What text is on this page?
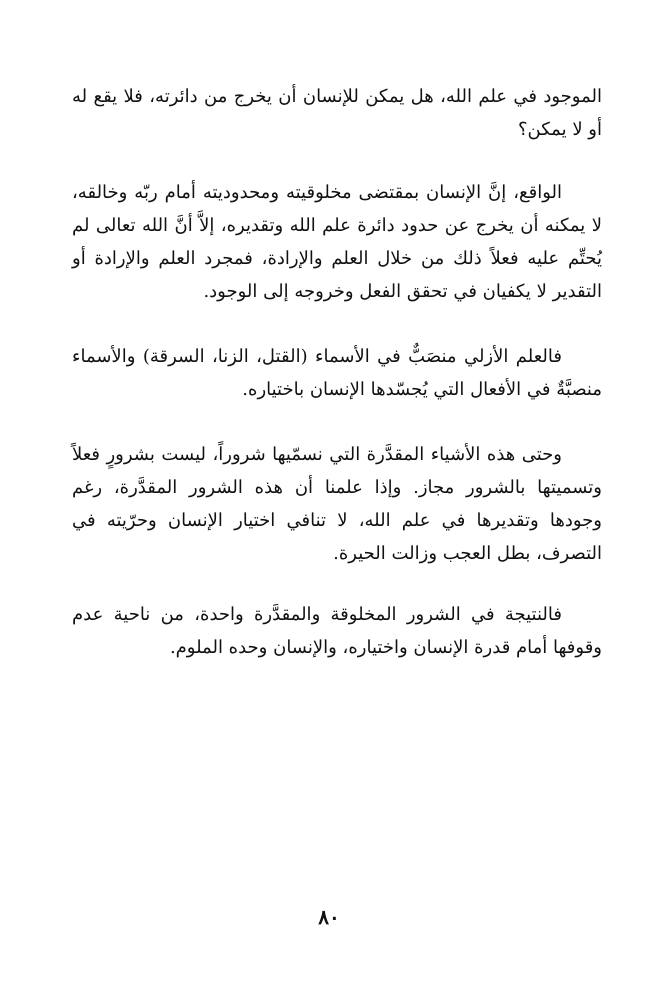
الموجود في علم الله، هل يمكن للإنسان أن يخرج من دائرته، فلا يقع له أو لا يمكن؟

الواقع، إنَّ الإنسان بمقتضى مخلوقيته ومحدوديته أمام ربّه وخالقه، لا يمكنه أن يخرج عن حدود دائرة علم الله وتقديره، إلاَّ أنَّ الله تعالى لم يُحتِّم عليه فعلاً ذلك من خلال العلم والإرادة، فمجرد العلم والإرادة أو التقدير لا يكفيان في تحقق الفعل وخروجه إلى الوجود.

فالعلم الأزلي منصَبٌّ في الأسماء (القتل، الزنا، السرقة) والأسماء منصبَّةٌ في الأفعال التي يُجسّدها الإنسان باختياره.

وحتى هذه الأشياء المقدَّرة التي نسمّيها شروراً، ليست بشرورٍ فعلاً وتسميتها بالشرور مجاز. وإذا علمنا أن هذه الشرور المقدَّرة، رغم وجودها وتقديرها في علم الله، لا تنافي اختيار الإنسان وحرّيته في التصرف، بطل العجب وزالت الحيرة.

فالنتيجة في الشرور المخلوقة والمقدَّرة واحدة، من ناحية عدم وقوفها أمام قدرة الإنسان واختياره، والإنسان وحده الملوم.

٨٠
